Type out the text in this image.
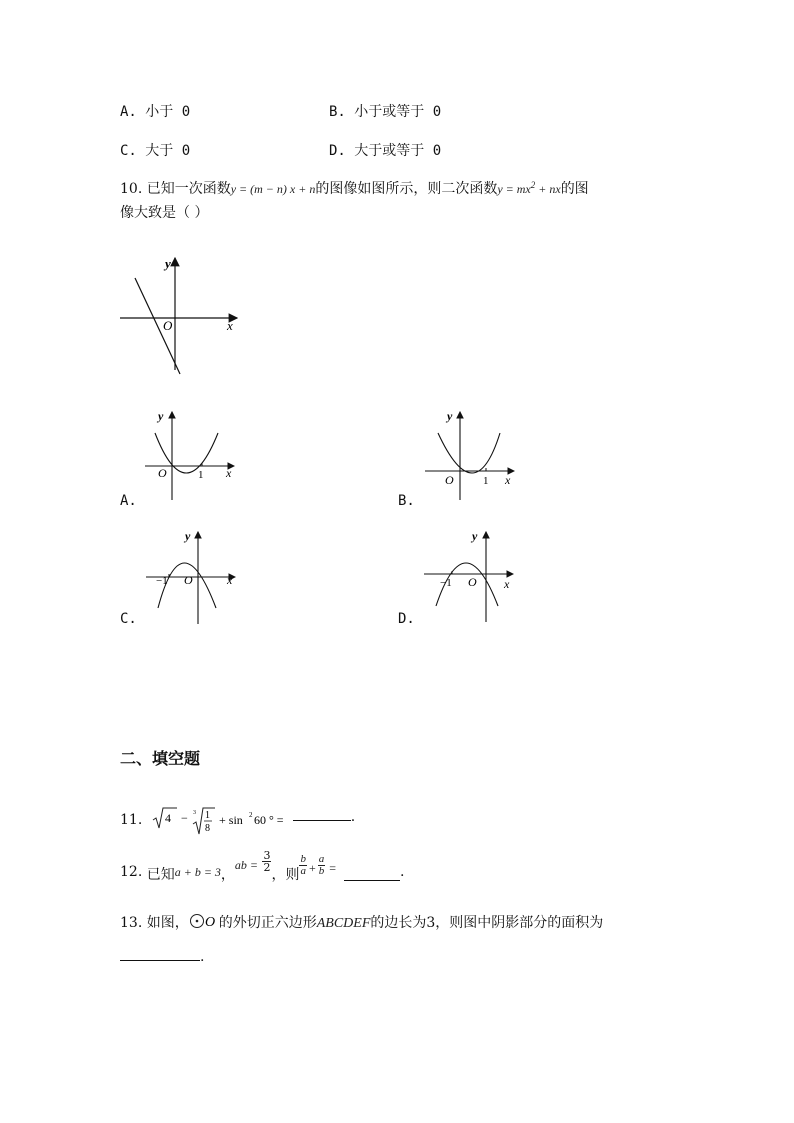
A. 小于 0	B. 小于或等于 0
C. 大于 0	D. 大于或等于 0
10. 已知一次函数y = (m − n) x + n的图像如图所示，则二次函数$y = mx^2$ + nx的图
像大致是（ ）
y
x
O
y
x
O	1
A.
y
x
O	1
B.
y
x
O
−1
C.
y
x
O
−1
D.
二、填空题
11. 4 − 3 1
8
+ sin 2 60 ° =	.
12. 已知a + b = 3，ab = $\frac{3}{2}$
，则 $\frac{b}{a} + \frac{a}{b}$ =	.
13. 如图， O 的外切正六边形ABCDEF的边长为3，则图中阴影部分的面积为
.
